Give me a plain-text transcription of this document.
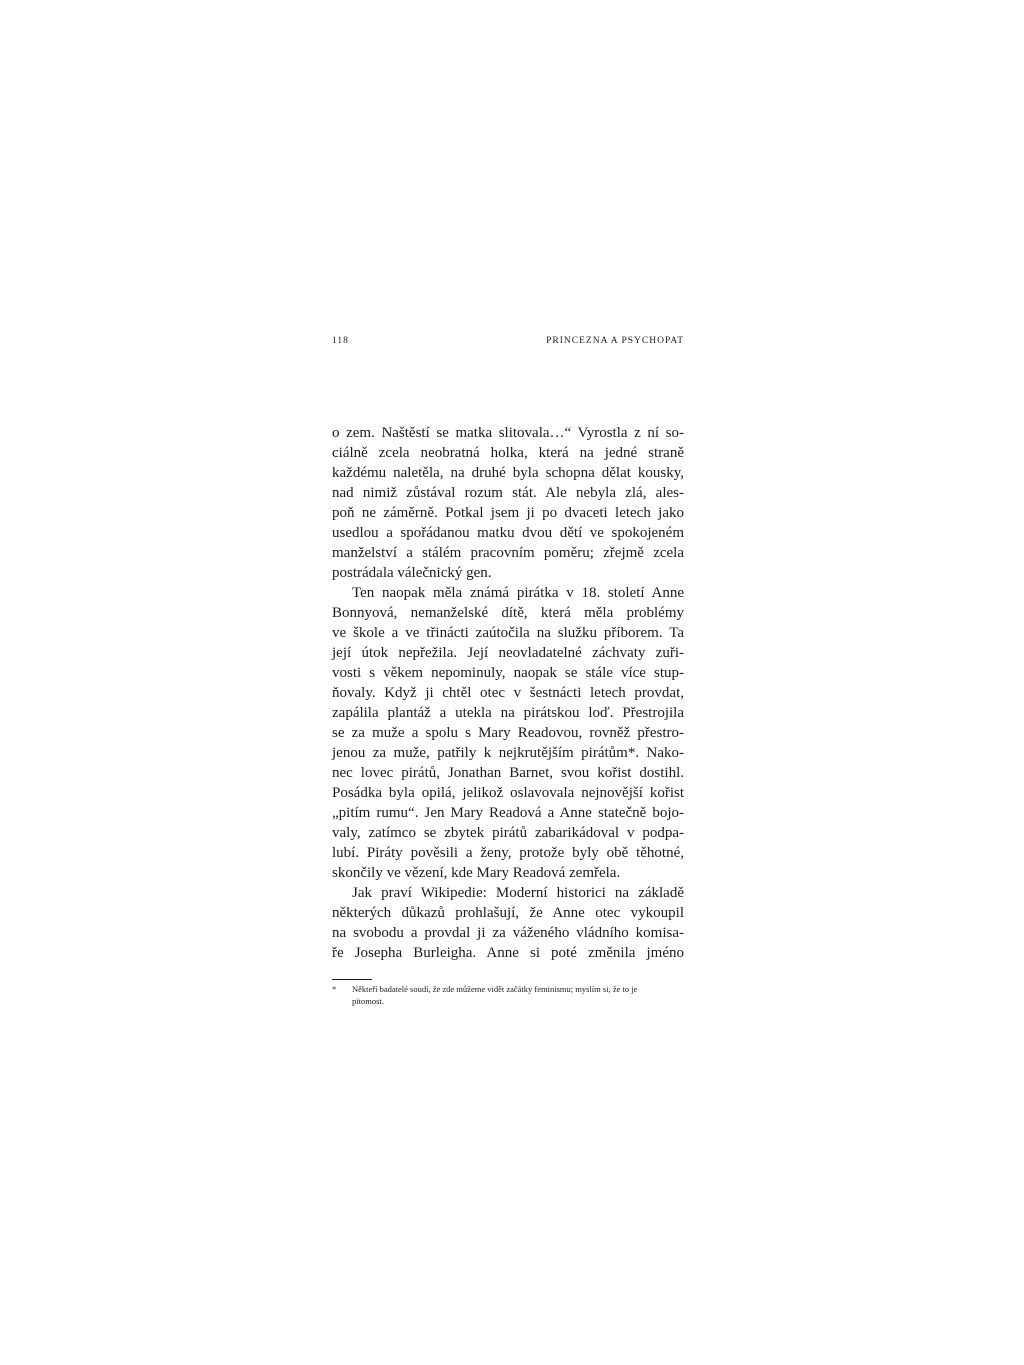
118	PRINCEZNA A PSYCHOPAT
o zem. Naštěstí se matka slitovala…“ Vyrostla z ní so-
ciálně zcela neobratná holka, která na jedné straně
každému naletěla, na druhé byla schopna dělat kousky,
nad nimiž zůstával rozum stát. Ale nebyla zlá, ales-
poň ne záměrně. Potkal jsem ji po dvaceti letech jako
usedlou a spořádanou matku dvou dětí ve spokojeném
manželství a stálém pracovním poměru; zřejmě zcela
postrádala válečnický gen.
Ten naopak měla známá pirátka v 18. století Anne
Bonnyová, nemanželské dítě, která měla problémy
ve škole a ve třinácti zaútočila na služku příborem. Ta
její útok nepřežila. Její neovladatelné záchvaty zuři-
vosti s věkem nepominuly, naopak se stále více stup-
ňovaly. Když ji chtěl otec v šestnácti letech provdat,
zapálila plantáž a utekla na pirátskou loď. Přestrojila
se za muže a spolu s Mary Readovou, rovněž přestro-
jenou za muže, patřily k nejkrutějším pirátům*. Nako-
nec lovec pirátů, Jonathan Barnet, svou kořist dostihl.
Posádka byla opilá, jelikož oslavovala nejnovější kořist
„pitím rumu“. Jen Mary Readová a Anne statečně bojo-
valy, zatímco se zbytek pirátů zabarikádoval v podpa-
lubí. Piráty pověsili a ženy, protože byly obě těhotné,
skončily ve vězení, kde Mary Readová zemřela.
Jak praví Wikipedie: Moderní historici na základě
některých důkazů prohlašují, že Anne otec vykoupil
na svobodu a provdal ji za váženého vládního komisa-
ře Josepha Burleigha. Anne si poté změnila jméno
*	Někteří badatelé soudí, že zde můžeme vidět začátky feminismu; myslím si, že to je
pitomost.
